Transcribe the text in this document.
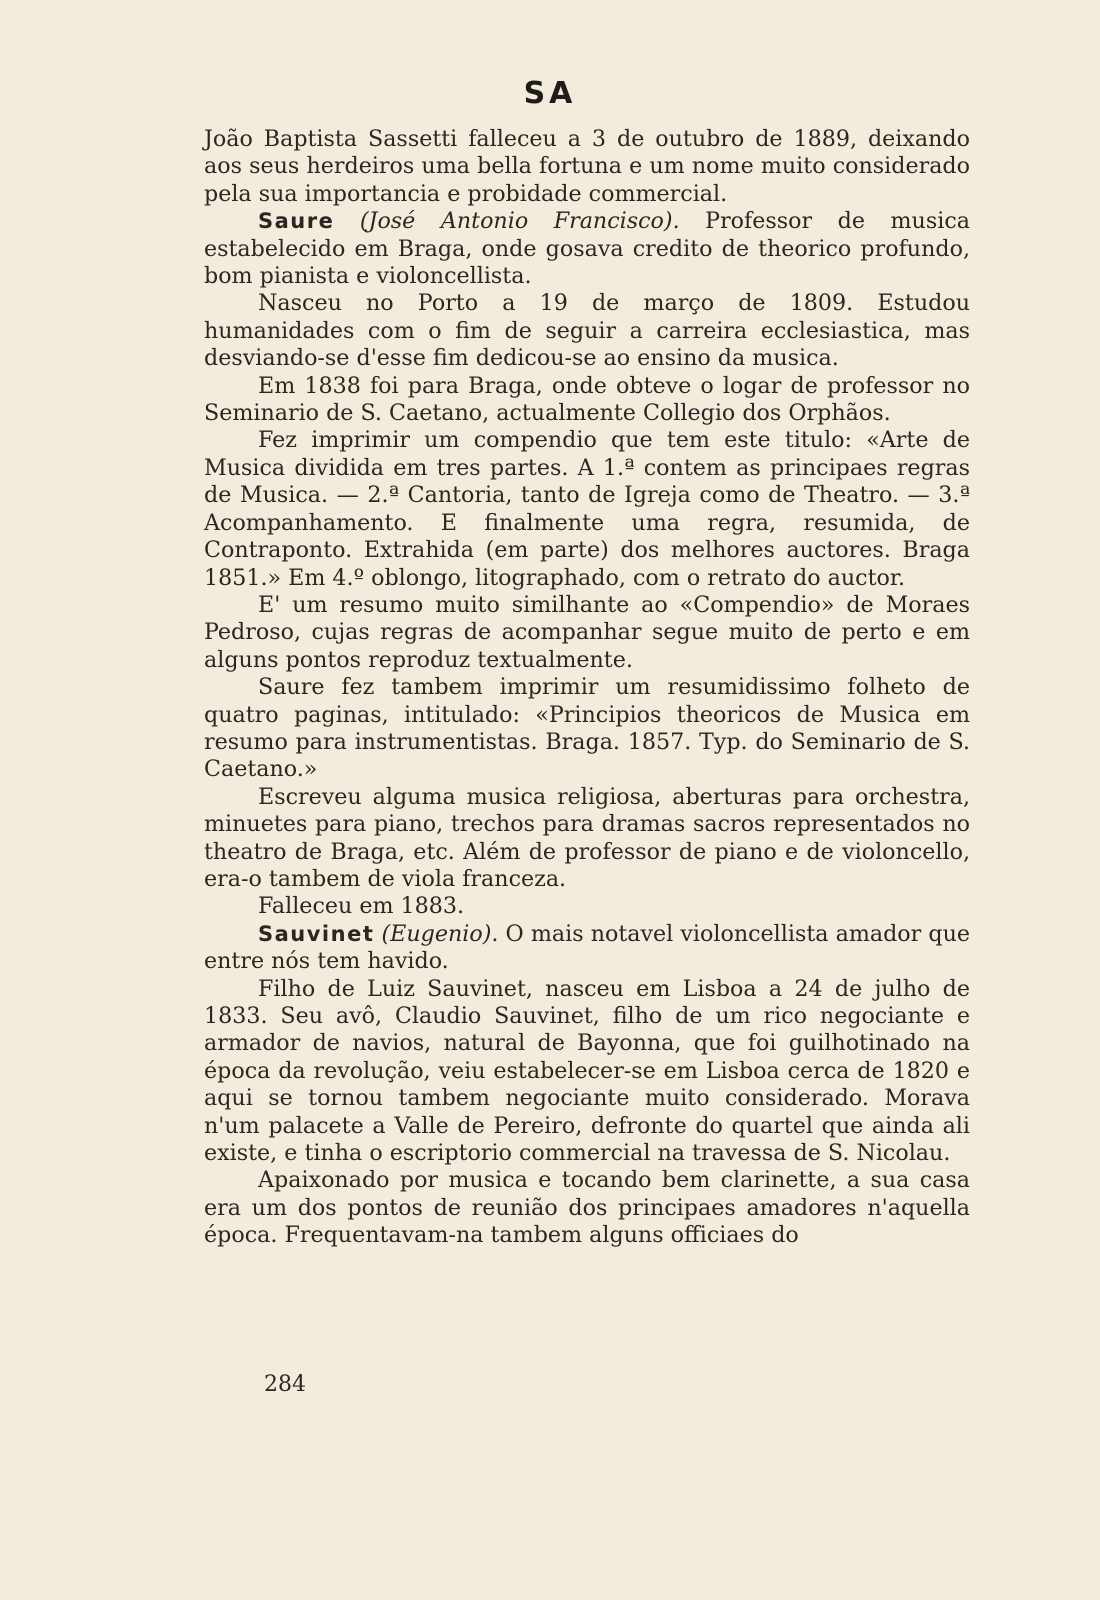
SA

João Baptista Sassetti falleceu a 3 de outubro de 1889, deixando aos seus herdeiros uma bella fortuna e um nome muito considerado pela sua importancia e probidade commercial.

Saure (José Antonio Francisco). Professor de musica estabelecido em Braga, onde gosava credito de theorico profundo, bom pianista e violoncellista.

Nasceu no Porto a 19 de março de 1809. Estudou humanidades com o fim de seguir a carreira ecclesiastica, mas desviando-se d'esse fim dedicou-se ao ensino da musica.

Em 1838 foi para Braga, onde obteve o logar de professor no Seminario de S. Caetano, actualmente Collegio dos Orphãos.

Fez imprimir um compendio que tem este titulo: «Arte de Musica dividida em tres partes. A 1.ª contem as principaes regras de Musica. — 2.ª Cantoria, tanto de Igreja como de Theatro. — 3.ª Acompanhamento. E finalmente uma regra, resumida, de Contraponto. Extrahida (em parte) dos melhores auctores. Braga 1851.» Em 4.º oblongo, litographado, com o retrato do auctor.

E' um resumo muito similhante ao «Compendio» de Moraes Pedroso, cujas regras de acompanhar segue muito de perto e em alguns pontos reproduz textualmente.

Saure fez tambem imprimir um resumidissimo folheto de quatro paginas, intitulado: «Principios theoricos de Musica em resumo para instrumentistas. Braga. 1857. Typ. do Seminario de S. Caetano.»

Escreveu alguma musica religiosa, aberturas para orchestra, minuetes para piano, trechos para dramas sacros representados no theatro de Braga, etc. Além de professor de piano e de violoncello, era-o tambem de viola franceza.

Falleceu em 1883.

Sauvinet (Eugenio). O mais notavel violoncellista amador que entre nós tem havido.

Filho de Luiz Sauvinet, nasceu em Lisboa a 24 de julho de 1833. Seu avô, Claudio Sauvinet, filho de um rico negociante e armador de navios, natural de Bayonna, que foi guilhotinado na época da revolução, veiu estabelecer-se em Lisboa cerca de 1820 e aqui se tornou tambem negociante muito considerado. Morava n'um palacete a Valle de Pereiro, defronte do quartel que ainda ali existe, e tinha o escriptorio commercial na travessa de S. Nicolau.

Apaixonado por musica e tocando bem clarinette, a sua casa era um dos pontos de reunião dos principaes amadores n'aquella época. Frequentavam-na tambem alguns officiaes do

284
